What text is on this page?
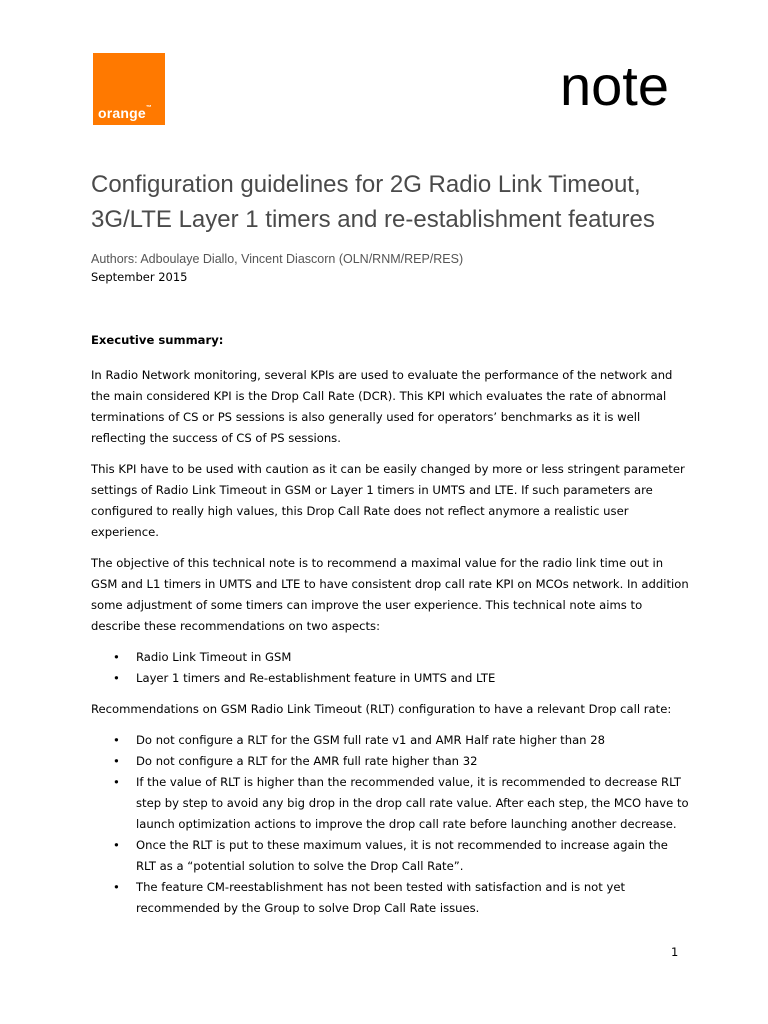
orange™	note
Configuration guidelines for 2G Radio Link Timeout, 3G/LTE Layer 1 timers and re-establishment features
Authors: Adboulaye Diallo, Vincent Diascorn (OLN/RNM/REP/RES)
September 2015

Executive summary:

In Radio Network monitoring, several KPIs are used to evaluate the performance of the network and the main considered KPI is the Drop Call Rate (DCR). This KPI which evaluates the rate of abnormal terminations of CS or PS sessions is also generally used for operators’ benchmarks as it is well reflecting the success of CS of PS sessions.

This KPI have to be used with caution as it can be easily changed by more or less stringent parameter settings of Radio Link Timeout in GSM or Layer 1 timers in UMTS and LTE. If such parameters are configured to really high values, this Drop Call Rate does not reflect anymore a realistic user experience.

The objective of this technical note is to recommend a maximal value for the radio link time out in GSM and L1 timers in UMTS and LTE to have consistent drop call rate KPI on MCOs network. In addition some adjustment of some timers can improve the user experience. This technical note aims to describe these recommendations on two aspects:

• Radio Link Timeout in GSM
• Layer 1 timers and Re-establishment feature in UMTS and LTE

Recommendations on GSM Radio Link Timeout (RLT) configuration to have a relevant Drop call rate:

• Do not configure a RLT for the GSM full rate v1 and AMR Half rate higher than 28
• Do not configure a RLT for the AMR full rate higher than 32
• If the value of RLT is higher than the recommended value, it is recommended to decrease RLT step by step to avoid any big drop in the drop call rate value. After each step, the MCO have to launch optimization actions to improve the drop call rate before launching another decrease.
• Once the RLT is put to these maximum values, it is not recommended to increase again the RLT as a “potential solution to solve the Drop Call Rate”.
• The feature CM-reestablishment has not been tested with satisfaction and is not yet recommended by the Group to solve Drop Call Rate issues.
1
